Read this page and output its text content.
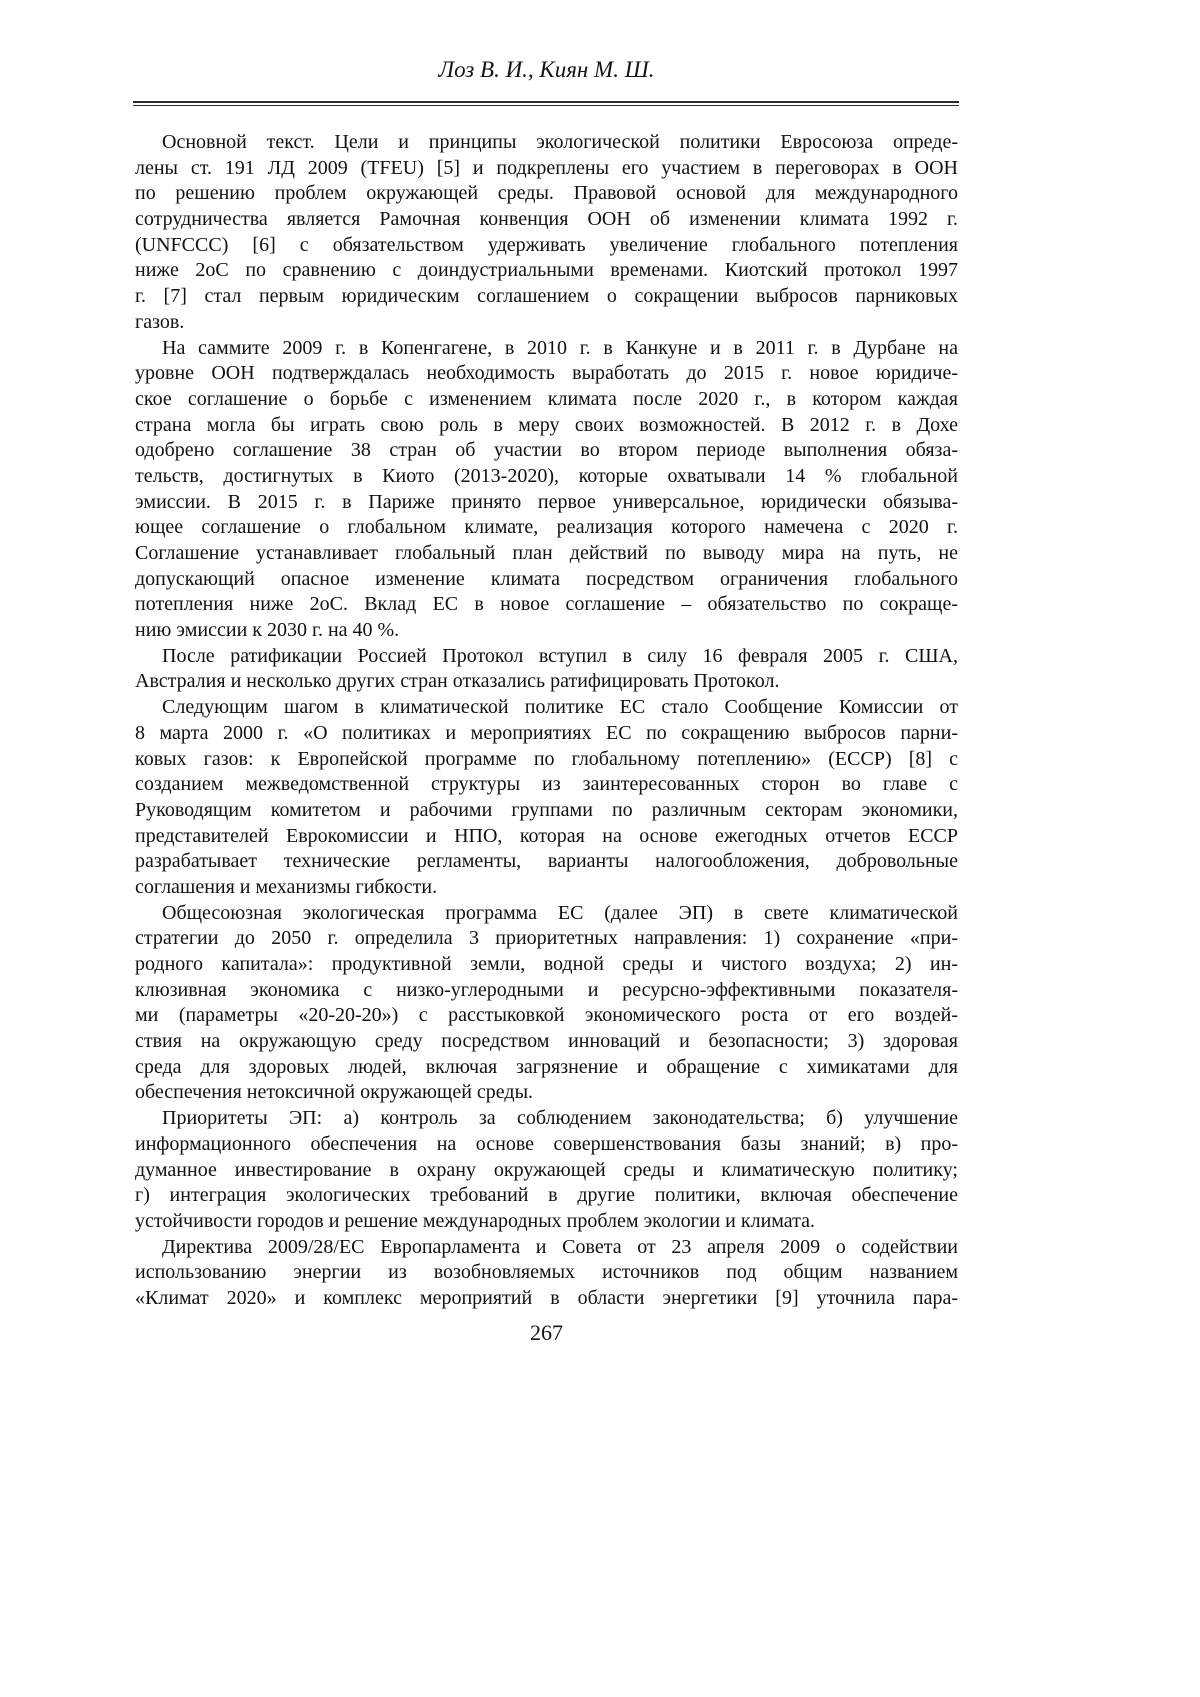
Лоз В. И., Киян М. Ш.
Основной текст. Цели и принципы экологической политики Евросоюза опреде-
лены ст. 191 ЛД 2009 (TFEU) [5] и подкреплены его участием в переговорах в ООН
по решению проблем окружающей среды. Правовой основой для международного
сотрудничества является Рамочная конвенция ООН об изменении климата 1992 г.
(UNFCCC) [6] с обязательством удерживать увеличение глобального потепления
ниже 2оС по сравнению с доиндустриальными временами. Киотский протокол 1997
г. [7] стал первым юридическим соглашением о сокращении выбросов парниковых
газов.
На саммите 2009 г. в Копенгагене, в 2010 г. в Канкуне и в 2011 г. в Дурбане на
уровне ООН подтверждалась необходимость выработать до 2015 г. новое юридиче-
ское соглашение о борьбе с изменением климата после 2020 г., в котором каждая
страна могла бы играть свою роль в меру своих возможностей. В 2012 г. в Дохе
одобрено соглашение 38 стран об участии во втором периоде выполнения обяза-
тельств, достигнутых в Киото (2013-2020), которые охватывали 14 % глобальной
эмиссии. В 2015 г. в Париже принято первое универсальное, юридически обязыва-
ющее соглашение о глобальном климате, реализация которого намечена с 2020 г.
Соглашение устанавливает глобальный план действий по выводу мира на путь, не
допускающий опасное изменение климата посредством ограничения глобального
потепления ниже 2оС. Вклад ЕС в новое соглашение – обязательство по сокраще-
нию эмиссии к 2030 г. на 40 %.
После ратификации Россией Протокол вступил в силу 16 февраля 2005 г. США,
Австралия и несколько других стран отказались ратифицировать Протокол.
Следующим шагом в климатической политике ЕС стало Сообщение Комиссии от
8 марта 2000 г. «О политиках и мероприятиях ЕС по сокращению выбросов парни-
ковых газов: к Европейской программе по глобальному потеплению» (ECCP) [8] с
созданием межведомственной структуры из заинтересованных сторон во главе с
Руководящим комитетом и рабочими группами по различным секторам экономики,
представителей Еврокомиссии и НПО, которая на основе ежегодных отчетов ECCP
разрабатывает технические регламенты, варианты налогообложения, добровольные
соглашения и механизмы гибкости.
Общесоюзная экологическая программа ЕС (далее ЭП) в свете климатической
стратегии до 2050 г. определила 3 приоритетных направления: 1) сохранение «при-
родного капитала»: продуктивной земли, водной среды и чистого воздуха; 2) ин-
клюзивная экономика с низко-углеродными и ресурсно-эффективными показателя-
ми (параметры «20-20-20») с расстыковкой экономического роста от его воздей-
ствия на окружающую среду посредством инноваций и безопасности; 3) здоровая
среда для здоровых людей, включая загрязнение и обращение с химикатами для
обеспечения нетоксичной окружающей среды.
Приоритеты ЭП: а) контроль за соблюдением законодательства; б) улучшение
информационного обеспечения на основе совершенствования базы знаний; в) про-
думанное инвестирование в охрану окружающей среды и климатическую политику;
г) интеграция экологических требований в другие политики, включая обеспечение
устойчивости городов и решение международных проблем экологии и климата.
Директива 2009/28/ЕС Европарламента и Совета от 23 апреля 2009 о содействии
использованию энергии из возобновляемых источников под общим названием
«Климат 2020» и комплекс мероприятий в области энергетики [9] уточнила пара-
267
